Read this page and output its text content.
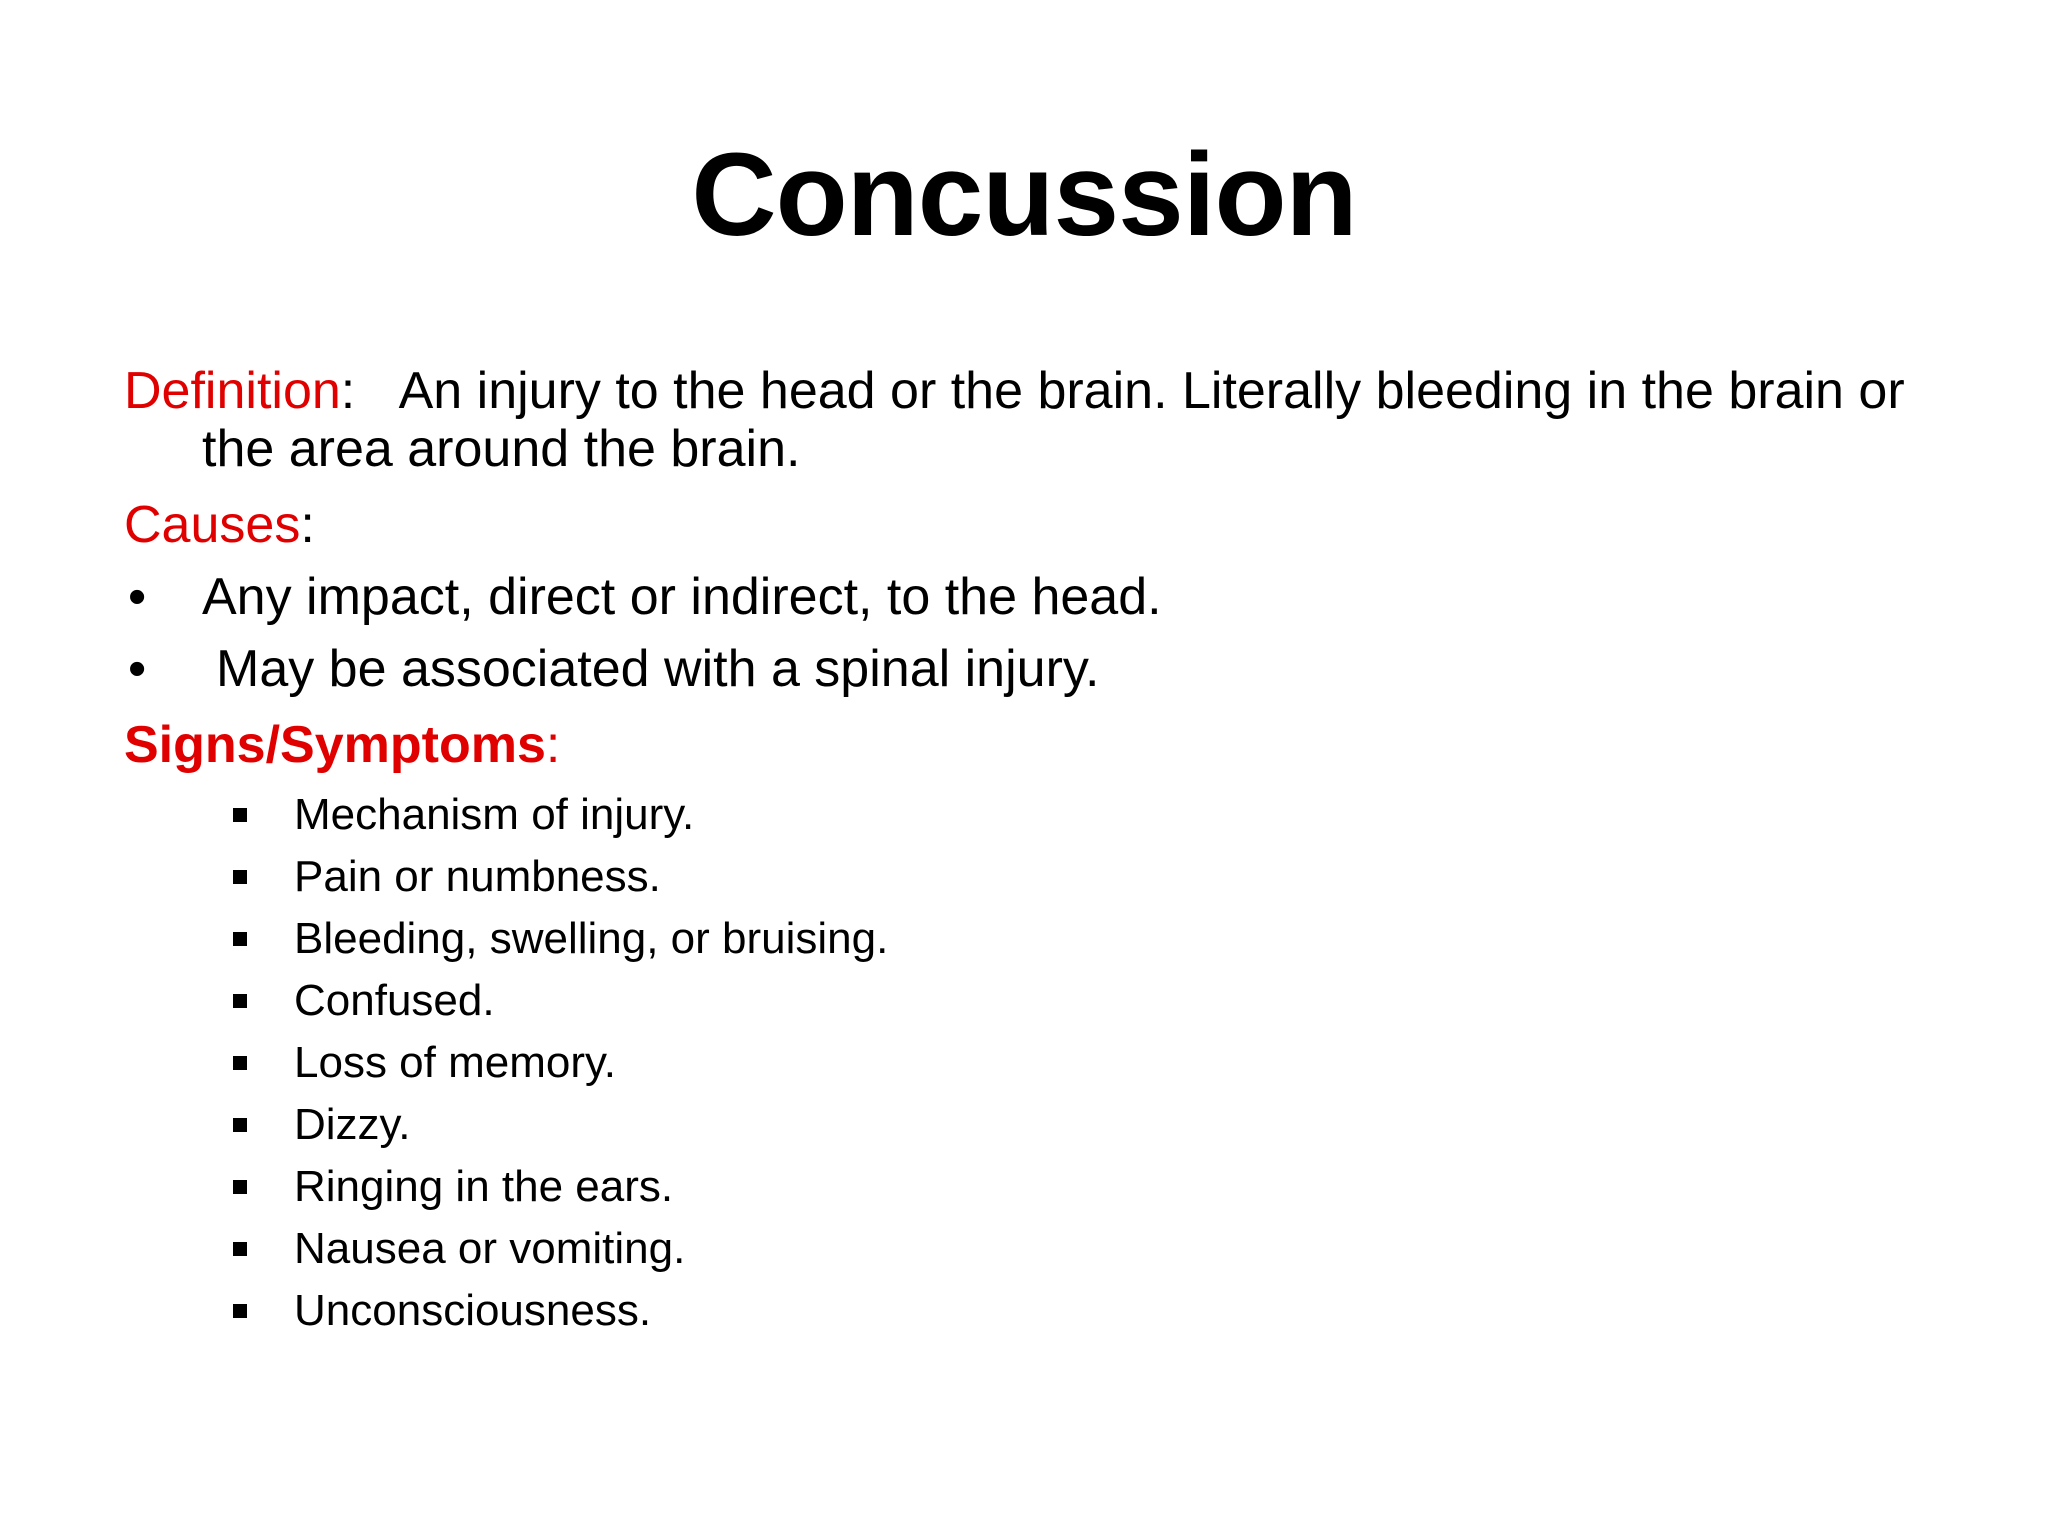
Concussion

Definition: An injury to the head or the brain. Literally bleeding in the brain or the area around the brain.

Causes:

• Any impact, direct or indirect, to the head.
• May be associated with a spinal injury.

Signs/Symptoms:

Mechanism of injury.
Pain or numbness.
Bleeding, swelling, or bruising.
Confused.
Loss of memory.
Dizzy.
Ringing in the ears.
Nausea or vomiting.
Unconsciousness.
